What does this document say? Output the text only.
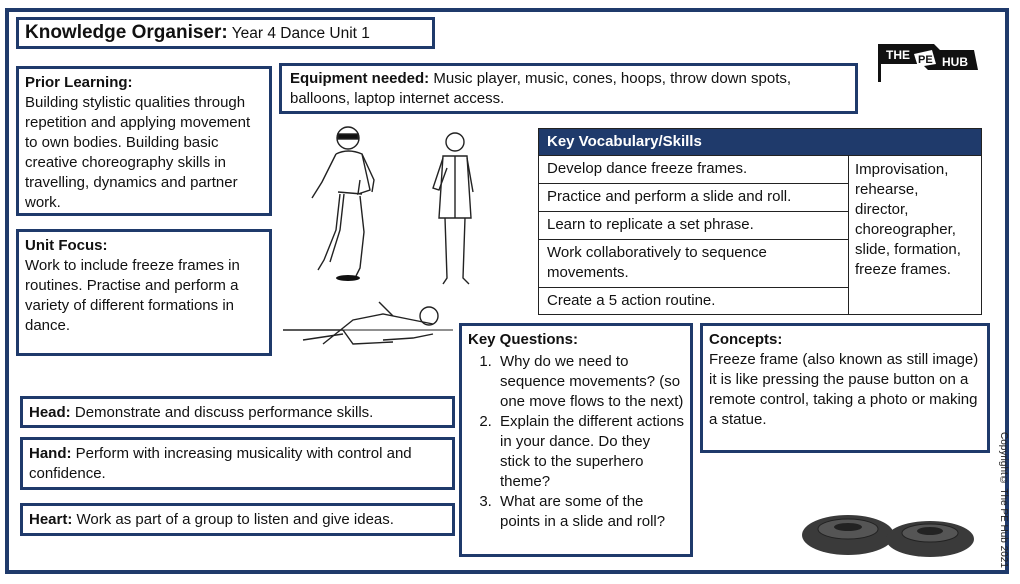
Knowledge Organiser: Year 4 Dance Unit 1
THE PE HUB
Prior Learning:
Building stylistic qualities through repetition and applying movement to own bodies. Building basic creative choreography skills in travelling, dynamics and partner work.
Unit Focus:
Work to include freeze frames in routines. Practise and perform a variety of different formations in dance.
Equipment needed: Music player, music, cones, hoops, throw down spots, balloons, laptop internet access.
Key Vocabulary/Skills
Develop dance freeze frames.
Practice and perform a slide and roll.
Learn to replicate a set phrase.
Work collaboratively to sequence movements.
Create a 5 action routine.
Improvisation, rehearse, director, choreographer, slide, formation, freeze frames.
Head: Demonstrate and discuss performance skills.
Hand: Perform with increasing musicality with control and confidence.
Heart: Work as part of a group to listen and give ideas.
Key Questions:
1. Why do we need to sequence movements? (so one move flows to the next)
2. Explain the different actions in your dance. Do they stick to the superhero theme?
3. What are some of the points in a slide and roll?
Concepts:
Freeze frame (also known as still image) it is like pressing the pause button on a remote control, taking a photo or making a statue.
Copyright© The PE Hub 2021
